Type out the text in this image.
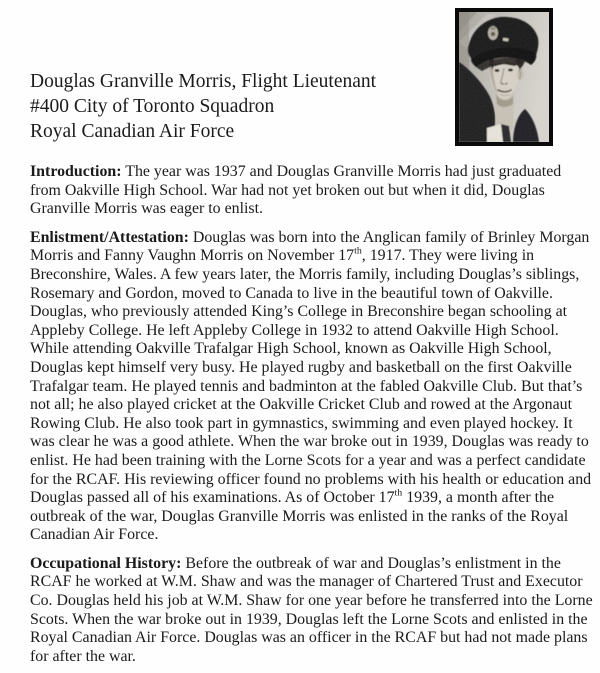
Douglas Granville Morris, Flight Lieutenant
#400 City of Toronto Squadron
Royal Canadian Air Force

Introduction: The year was 1937 and Douglas Granville Morris had just graduated from Oakville High School. War had not yet broken out but when it did, Douglas Granville Morris was eager to enlist.

Enlistment/Attestation: Douglas was born into the Anglican family of Brinley Morgan Morris and Fanny Vaughn Morris on November 17th, 1917. They were living in Breconshire, Wales. A few years later, the Morris family, including Douglas’s siblings, Rosemary and Gordon, moved to Canada to live in the beautiful town of Oakville. Douglas, who previously attended King’s College in Breconshire began schooling at Appleby College. He left Appleby College in 1932 to attend Oakville High School. While attending Oakville Trafalgar High School, known as Oakville High School, Douglas kept himself very busy. He played rugby and basketball on the first Oakville Trafalgar team. He played tennis and badminton at the fabled Oakville Club. But that’s not all; he also played cricket at the Oakville Cricket Club and rowed at the Argonaut Rowing Club. He also took part in gymnastics, swimming and even played hockey. It was clear he was a good athlete. When the war broke out in 1939, Douglas was ready to enlist. He had been training with the Lorne Scots for a year and was a perfect candidate for the RCAF. His reviewing officer found no problems with his health or education and Douglas passed all of his examinations. As of October 17th 1939, a month after the outbreak of the war, Douglas Granville Morris was enlisted in the ranks of the Royal Canadian Air Force.

Occupational History: Before the outbreak of war and Douglas’s enlistment in the RCAF he worked at W.M. Shaw and was the manager of Chartered Trust and Executor Co. Douglas held his job at W.M. Shaw for one year before he transferred into the Lorne Scots. When the war broke out in 1939, Douglas left the Lorne Scots and enlisted in the Royal Canadian Air Force. Douglas was an officer in the RCAF but had not made plans for after the war.
